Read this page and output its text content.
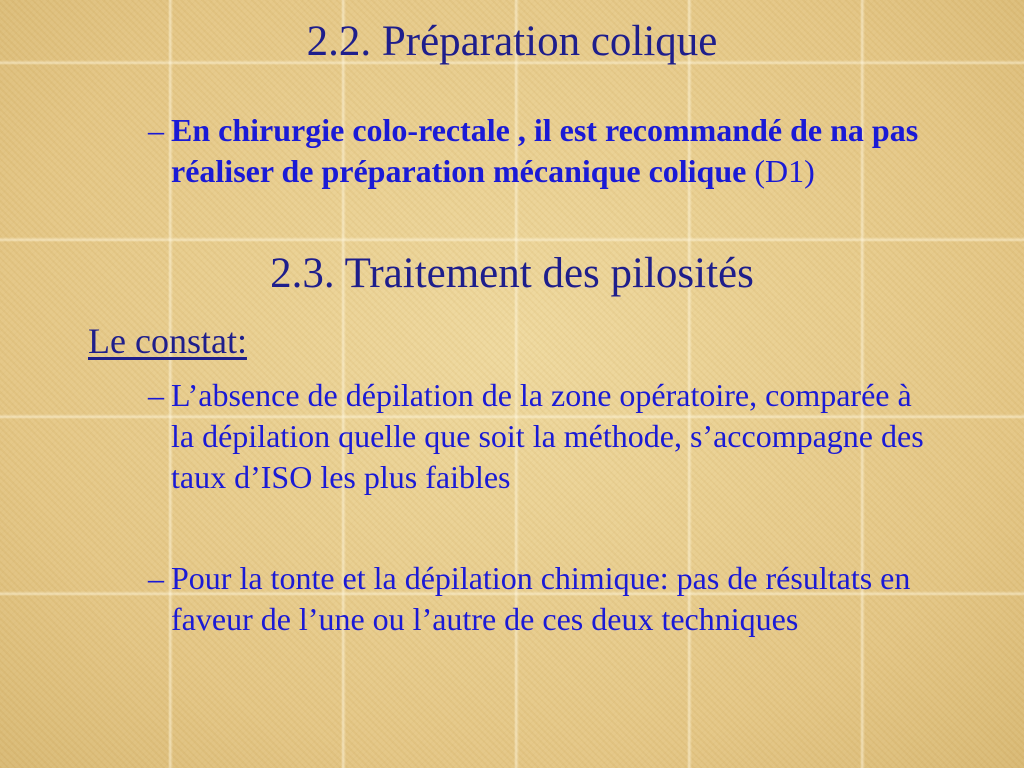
2.2. Préparation colique
– En chirurgie colo-rectale , il est recommandé de na pas réaliser de préparation mécanique colique (D1)
2.3. Traitement des pilosités
Le constat:
– L’absence de dépilation de la zone opératoire, comparée à la dépilation quelle que soit la méthode, s’accompagne des taux d’ISO les plus faibles
– Pour la tonte et la dépilation chimique: pas de résultats en faveur de l’une ou l’autre de ces deux techniques
